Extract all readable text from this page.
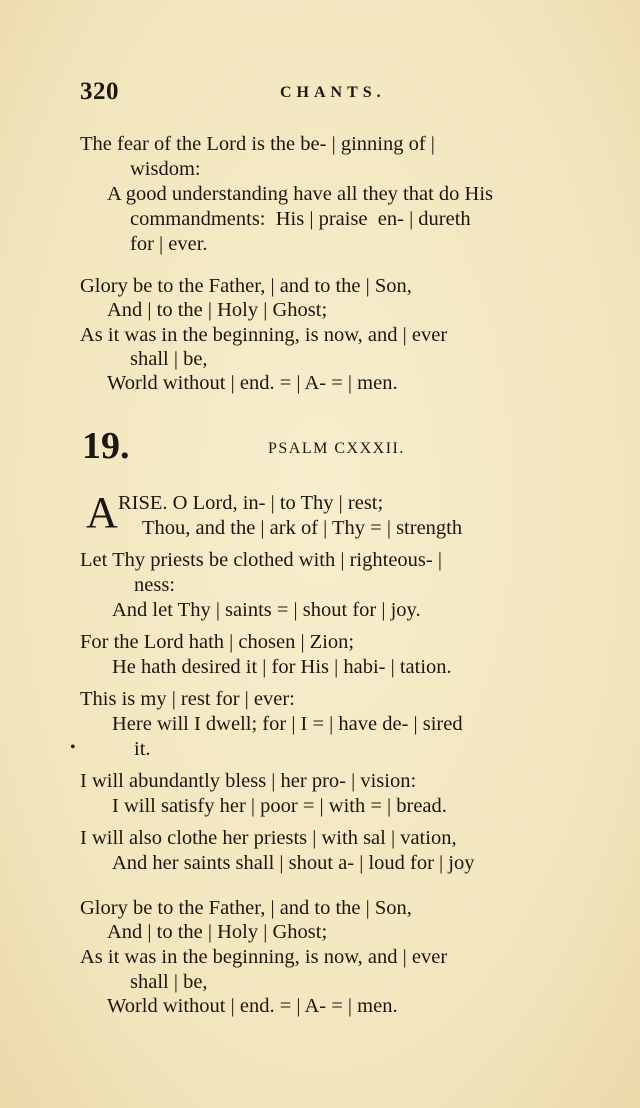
320	CHANTS.
The fear of the Lord is the be- | ginning of |
wisdom:
A good understanding have all they that do His
commandments:  His | praise  en- | dureth
for | ever.
Glory be to the Father, | and to the | Son,
And | to the | Holy | Ghost;
As it was in the beginning, is now, and | ever
shall | be,
World without | end. = | A- = | men.
19.	PSALM CXXXII.
A RISE. O Lord, in- | to Thy | rest;
Thou, and the | ark of | Thy = | strength
Let Thy priests be clothed with | righteous- |
ness:
And let Thy | saints = | shout for | joy.
For the Lord hath | chosen | Zion;
He hath desired it | for His | habi- | tation.
This is my | rest for | ever:
Here will I dwell; for | I = | have de- | sired
•	it.
I will abundantly bless | her pro- | vision:
I will satisfy her | poor = | with = | bread.
I will also clothe her priests | with sal | vation,
And her saints shall | shout a- | loud for | joy
Glory be to the Father, | and to the | Son,
And | to the | Holy | Ghost;
As it was in the beginning, is now, and | ever
shall | be,
World without | end. = | A- = | men.
